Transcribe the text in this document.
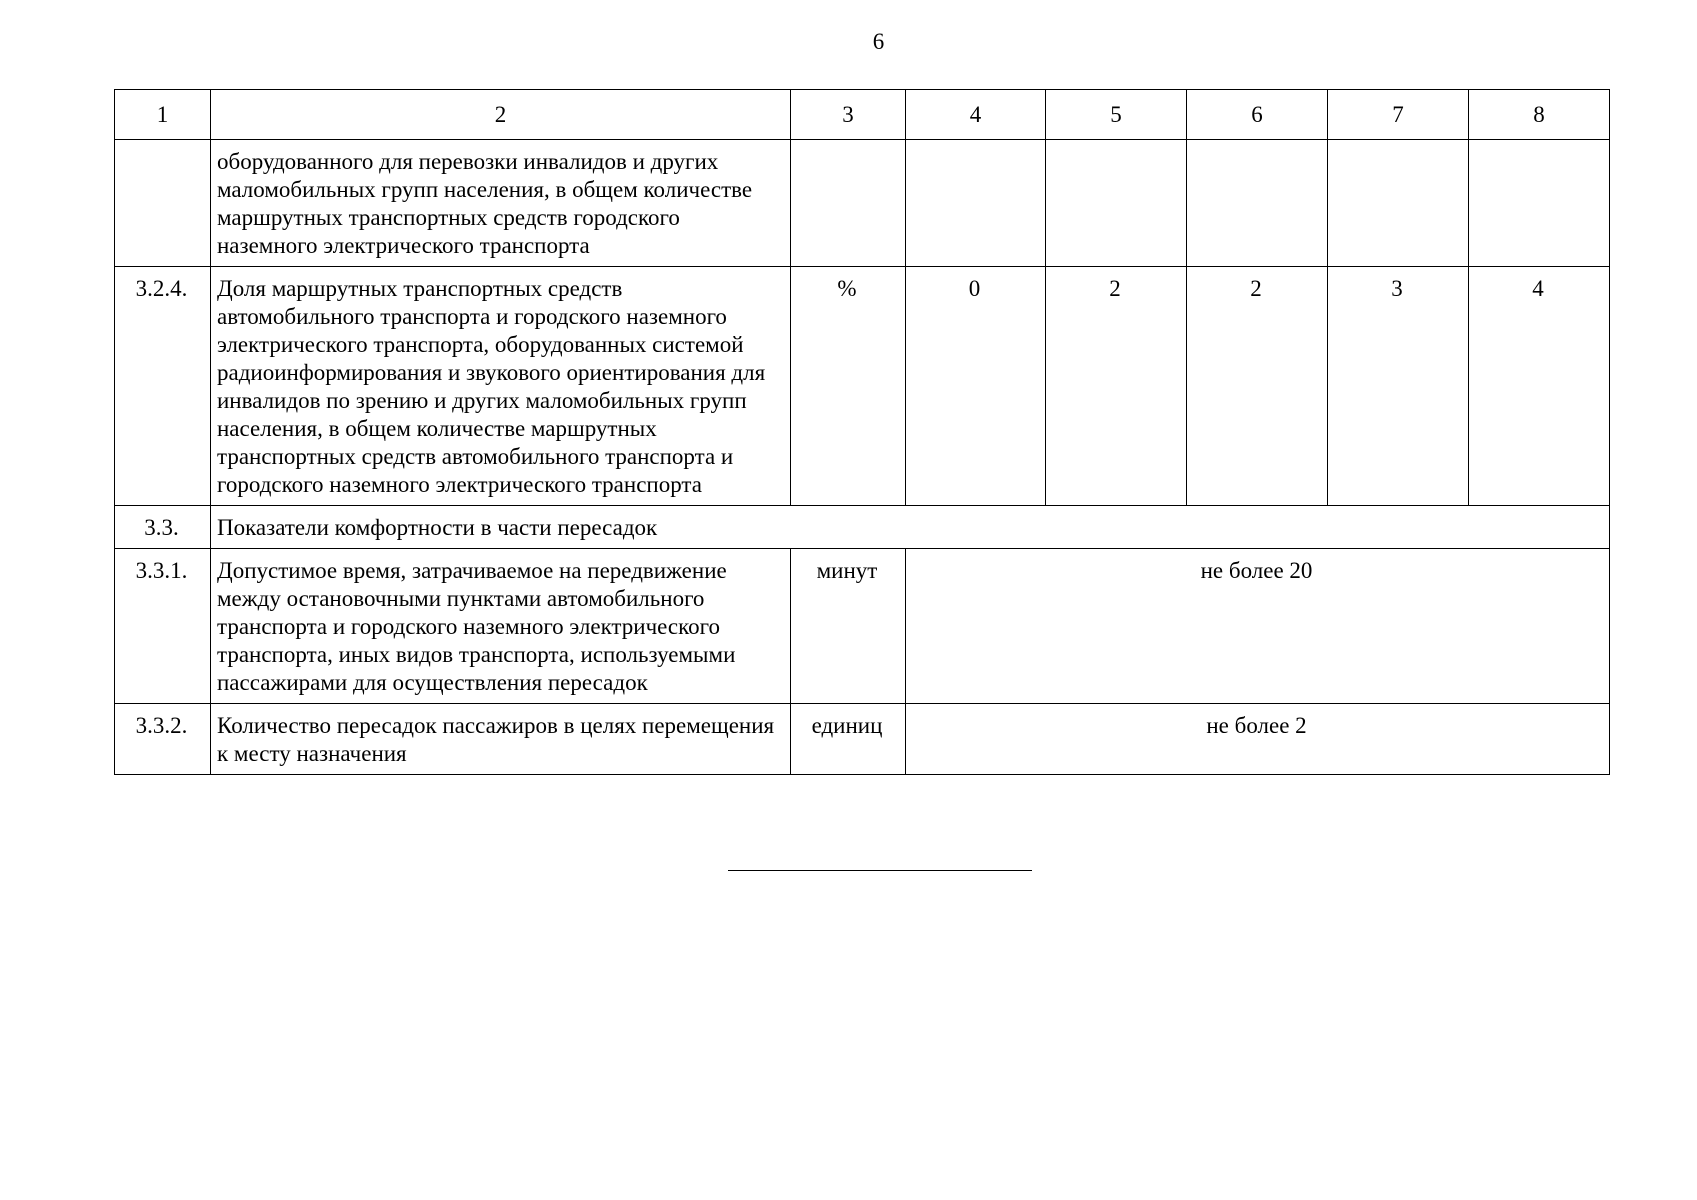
6
1	2	3	4	5	6	7	8
	оборудованного для перевозки инвалидов и других маломобильных групп населения, в общем количестве маршрутных транспортных средств городского наземного электрического транспорта						
3.2.4.	Доля маршрутных транспортных средств автомобильного транспорта и городского наземного электрического транспорта, оборудованных системой радиоинформирования и звукового ориентирования для инвалидов по зрению и других маломобильных групп населения, в общем количестве маршрутных транспортных средств автомобильного транспорта и городского наземного электрического транспорта	%	0	2	2	3	4
3.3.	Показатели комфортности в части пересадок						
3.3.1.	Допустимое время, затрачиваемое на передвижение между остановочными пунктами автомобильного транспорта и городского наземного электрического транспорта, иных видов транспорта, используемыми пассажирами для осуществления пересадок	минут	не более 20				
3.3.2.	Количество пересадок пассажиров в целях перемещения к месту назначения	единиц	не более 2				
